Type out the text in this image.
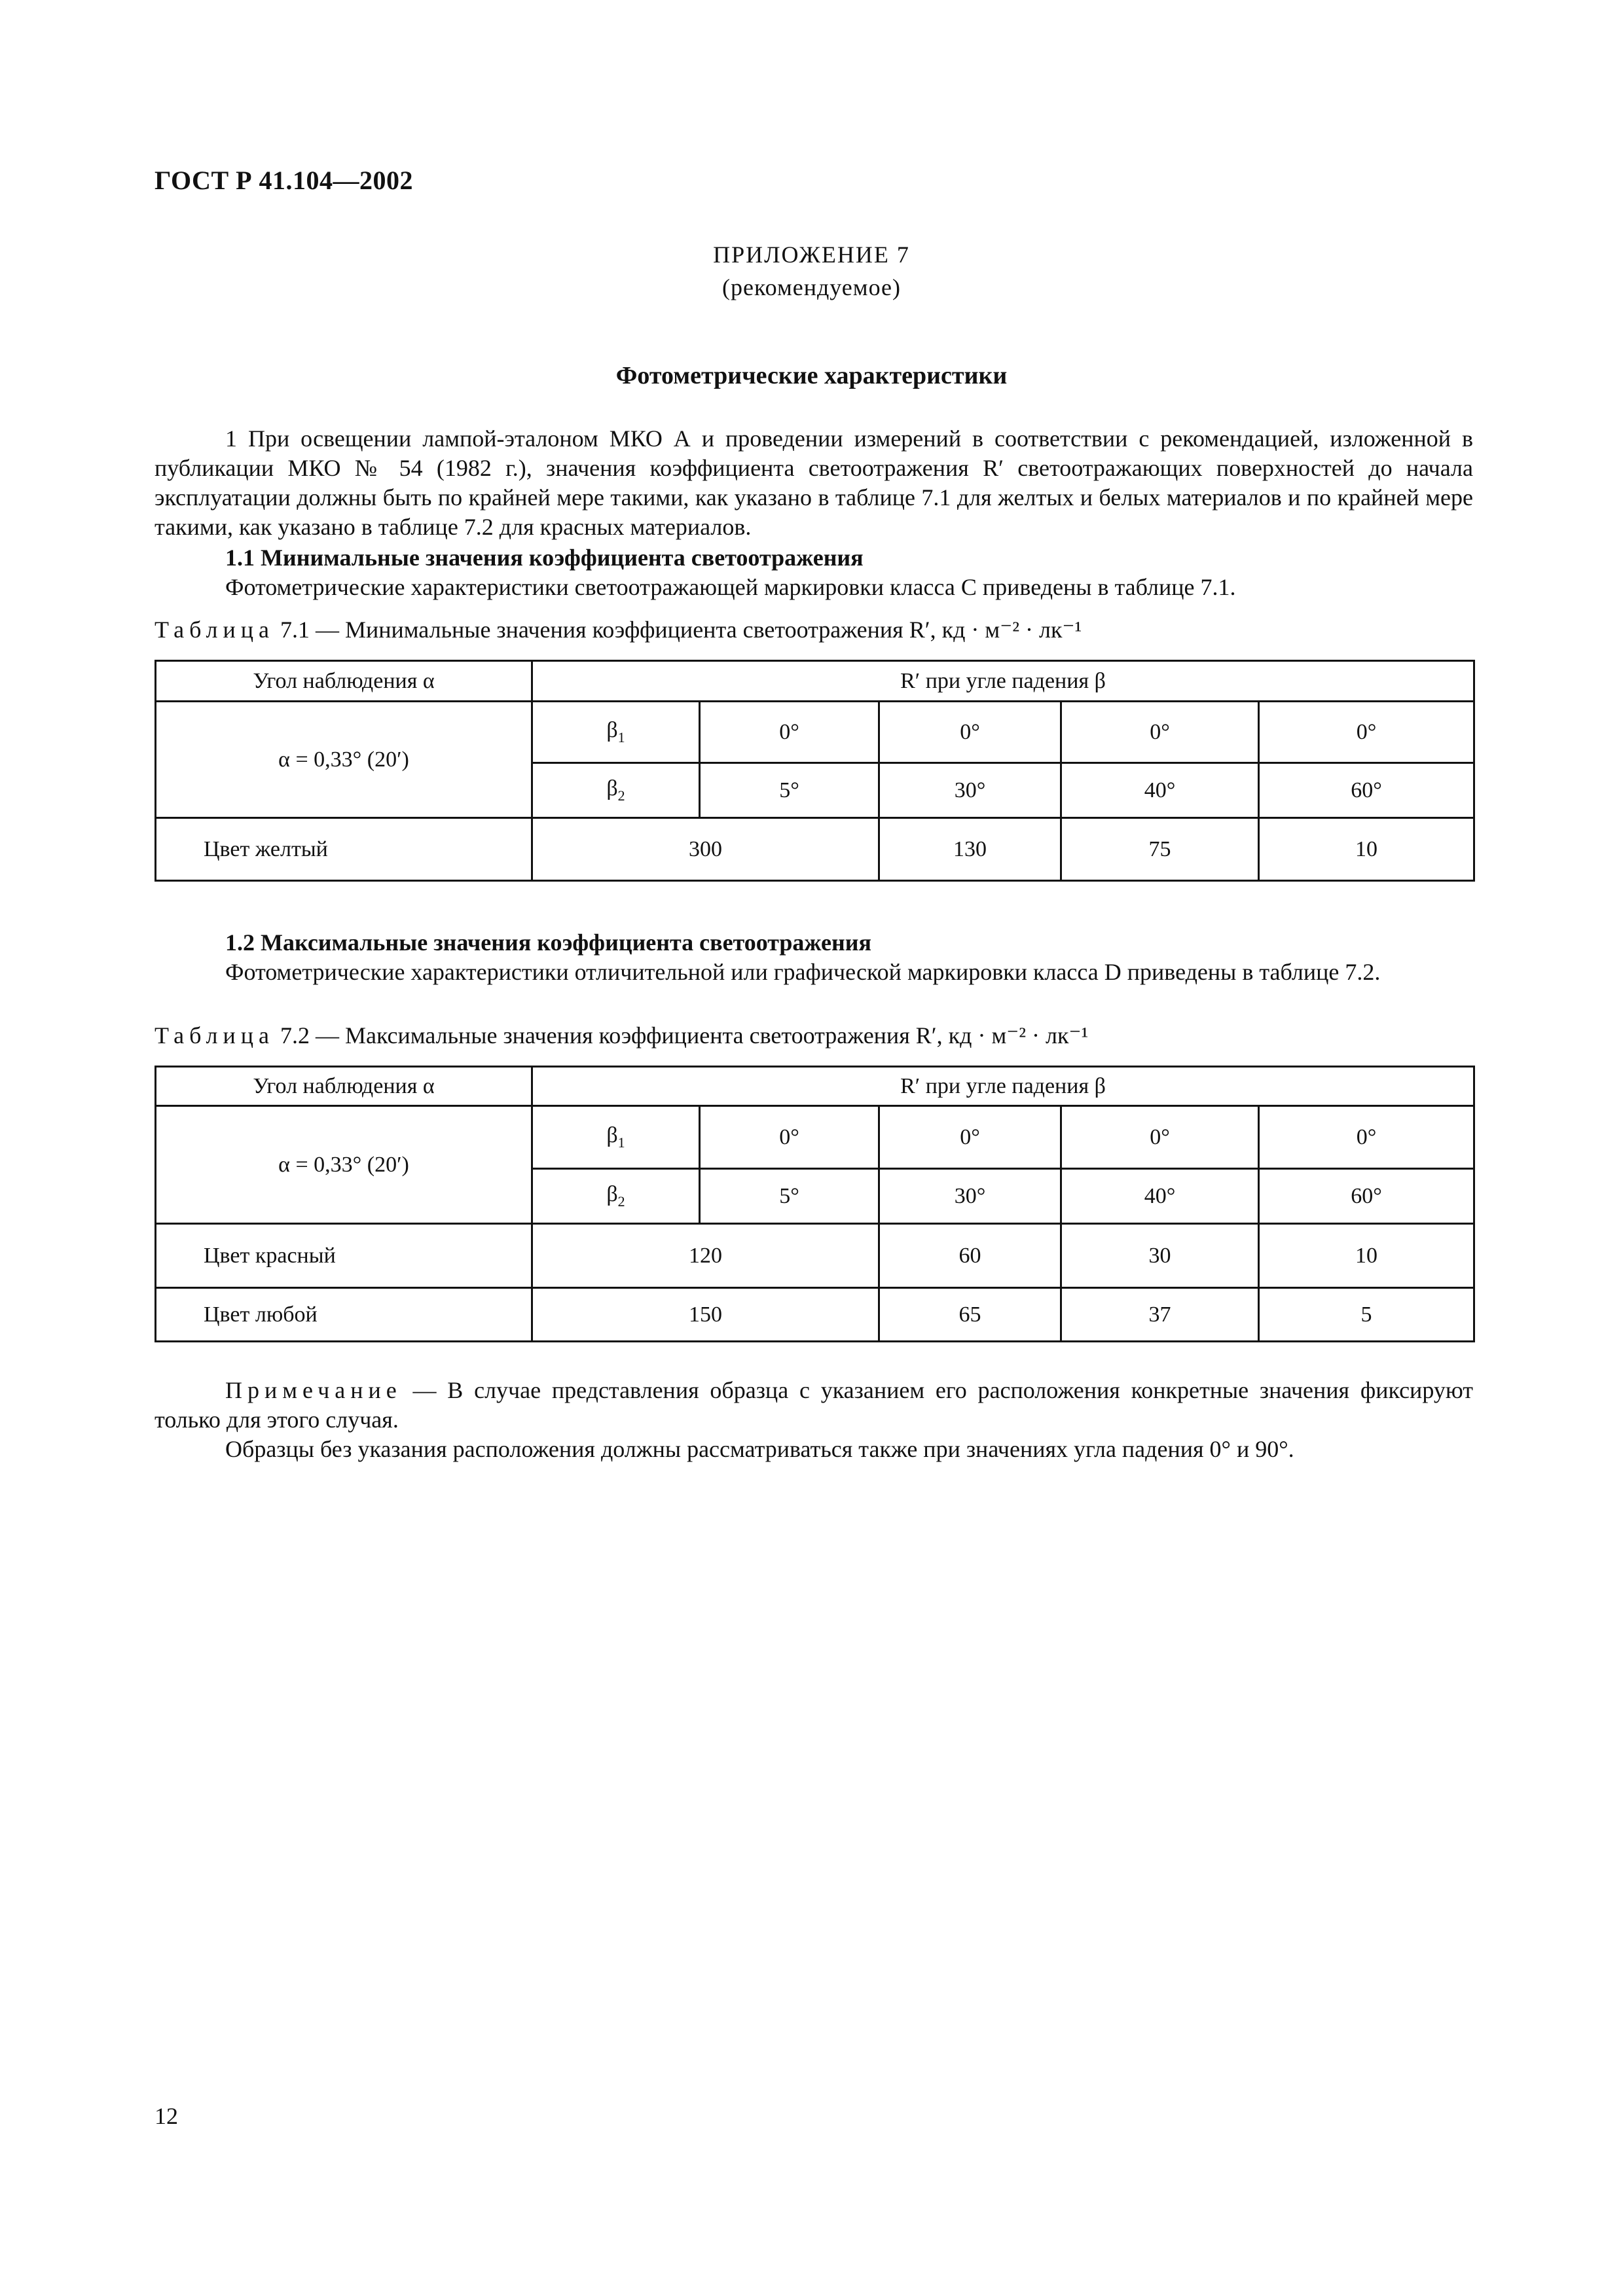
ГОСТ Р 41.104—2002
ПРИЛОЖЕНИЕ 7
(рекомендуемое)
Фотометрические характеристики
1 При освещении лампой-эталоном МКО А и проведении измерений в соответствии с рекомендацией, изложенной в публикации МКО № 54 (1982 г.), значения коэффициента светоотражения R′ светоотражающих поверхностей до начала эксплуатации должны быть по крайней мере такими, как указано в таблице 7.1 для желтых и белых материалов и по крайней мере такими, как указано в таблице 7.2 для красных материалов.
1.1 Минимальные значения коэффициента светоотражения
Фотометрические характеристики светоотражающей маркировки класса С приведены в таблице 7.1.
Таблица 7.1 — Минимальные значения коэффициента светоотражения R′, кд · м⁻² · лк⁻¹
Угол наблюдения α	R′ при угле падения β				
α = 0,33° (20′)	$\beta_1$	0°	0°	0°	0°
	$\beta_2$	5°	30°	40°	60°
Цвет желтый	300		130	75	10
1.2 Максимальные значения коэффициента светоотражения
Фотометрические характеристики отличительной или графической маркировки класса D приведены в таблице 7.2.
Таблица 7.2 — Максимальные значения коэффициента светоотражения R′, кд · м⁻² · лк⁻¹
Угол наблюдения α	R′ при угле падения β				
α = 0,33° (20′)	$\beta_1$	0°	0°	0°	0°
	$\beta_2$	5°	30°	40°	60°
Цвет красный	120		60	30	10
Цвет любой	150		65	37	5
Примечание — В случае представления образца с указанием его расположения конкретные значения фиксируют только для этого случая.
Образцы без указания расположения должны рассматриваться также при значениях угла падения 0° и 90°.
12
